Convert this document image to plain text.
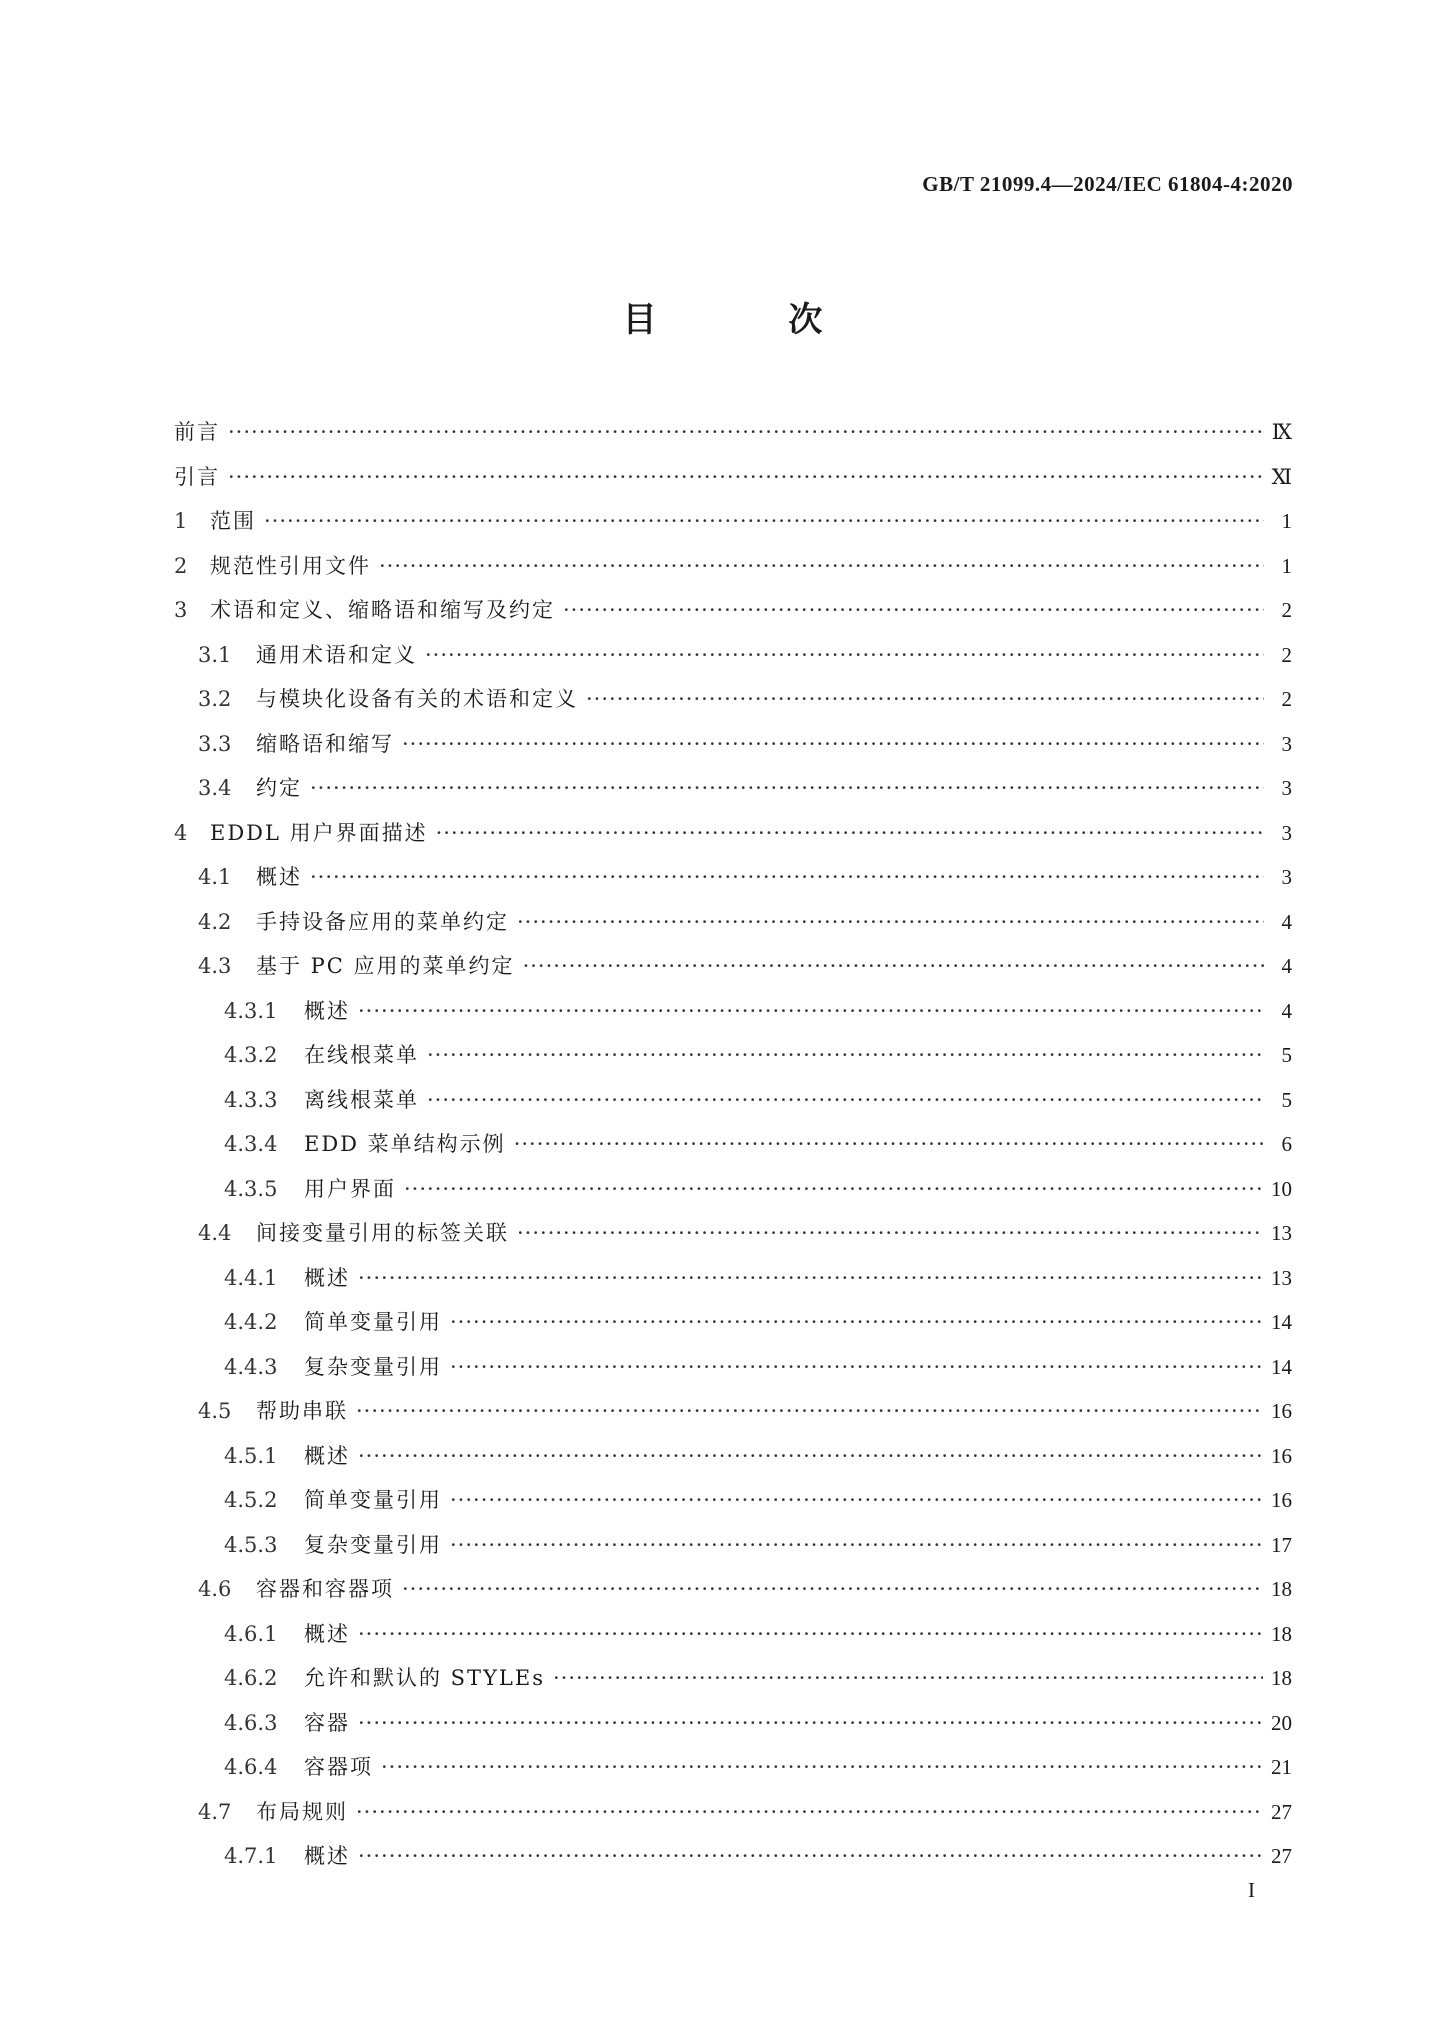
GB/T 21099.4—2024/IEC 61804-4:2020
目 次
前言 ·····	Ⅸ
引言 ·····	Ⅺ
1	范围 ·····	1
2	规范性引用文件 ·····	1
3	术语和定义、缩略语和缩写及约定 ·····	2
3.1	通用术语和定义 ·····	2
3.2	与模块化设备有关的术语和定义 ·····	2
3.3	缩略语和缩写 ·····	3
3.4	约定 ·····	3
4	EDDL 用户界面描述 ·····	3
4.1	概述 ·····	3
4.2	手持设备应用的菜单约定 ·····	4
4.3	基于 PC 应用的菜单约定 ·····	4
4.3.1	概述 ·····	4
4.3.2	在线根菜单 ·····	5
4.3.3	离线根菜单 ·····	5
4.3.4	EDD 菜单结构示例 ·····	6
4.3.5	用户界面 ·····	10
4.4	间接变量引用的标签关联 ·····	13
4.4.1	概述 ·····	13
4.4.2	简单变量引用 ·····	14
4.4.3	复杂变量引用 ·····	14
4.5	帮助串联 ·····	16
4.5.1	概述 ·····	16
4.5.2	简单变量引用 ·····	16
4.5.3	复杂变量引用 ·····	17
4.6	容器和容器项 ·····	18
4.6.1	概述 ·····	18
4.6.2	允许和默认的 STYLEs ·····	18
4.6.3	容器 ·····	20
4.6.4	容器项 ·····	21
4.7	布局规则 ·····	27
4.7.1	概述 ·····	27
I
